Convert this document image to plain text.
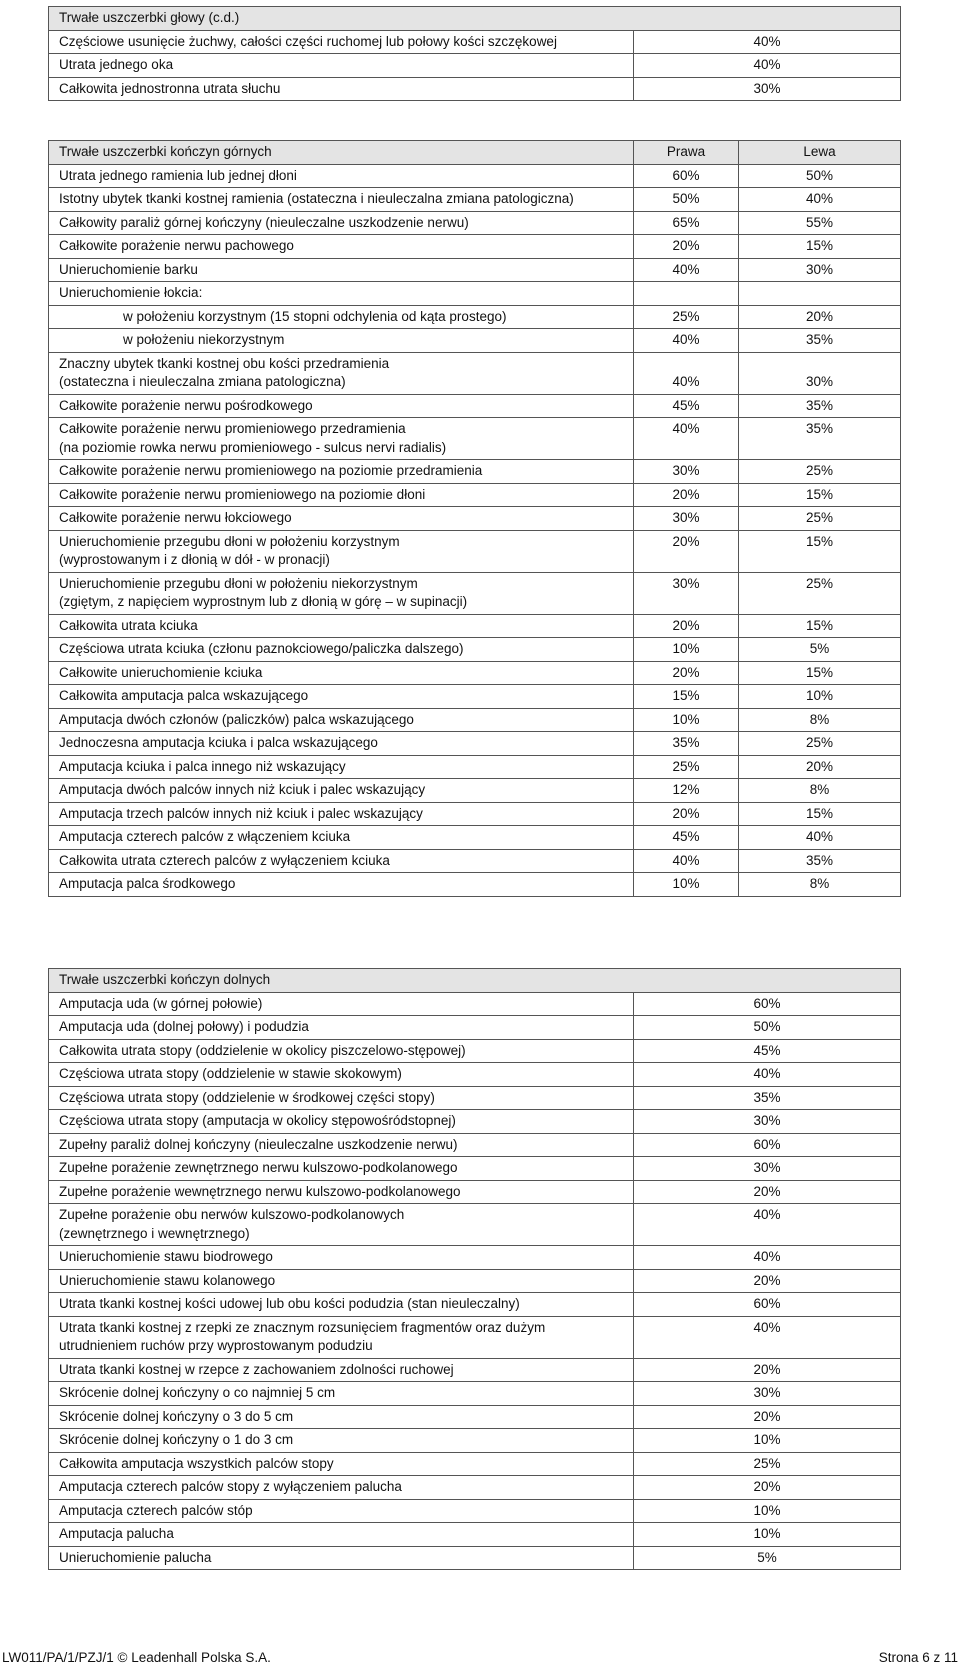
Trwałe uszczerbki głowy (c.d.)	
Częściowe usunięcie żuchwy, całości części ruchomej lub połowy kości szczękowej	40%
Utrata jednego oka	40%
Całkowita jednostronna utrata słuchu	30%
Trwałe uszczerbki kończyn górnych	Prawa	Lewa
Utrata jednego ramienia lub jednej dłoni	60%	50%
Istotny ubytek tkanki kostnej ramienia (ostateczna i nieuleczalna zmiana patologiczna)	50%	40%
Całkowity paraliż górnej kończyny (nieuleczalne uszkodzenie nerwu)	65%	55%
Całkowite porażenie nerwu pachowego	20%	15%
Unieruchomienie barku	40%	30%
Unieruchomienie łokcia:		
w położeniu korzystnym (15 stopni odchylenia od kąta prostego)	25%	20%
w położeniu niekorzystnym	40%	35%
Znaczny ubytek tkanki kostnej obu kości przedramienia
(ostateczna i nieuleczalna zmiana patologiczna)	40%	30%
Całkowite porażenie nerwu pośrodkowego	45%	35%
Całkowite porażenie nerwu promieniowego przedramienia
(na poziomie rowka nerwu promieniowego - sulcus nervi radialis)	40%	35%
Całkowite porażenie nerwu promieniowego na poziomie przedramienia	30%	25%
Całkowite porażenie nerwu promieniowego na poziomie dłoni	20%	15%
Całkowite porażenie nerwu łokciowego	30%	25%
Unieruchomienie przegubu dłoni w położeniu korzystnym
(wyprostowanym i z dłonią w dół - w pronacji)	20%	15%
Unieruchomienie przegubu dłoni w położeniu niekorzystnym
(zgiętym, z napięciem wyprostnym lub z dłonią w górę – w supinacji)	30%	25%
Całkowita utrata kciuka	20%	15%
Częściowa utrata kciuka (członu paznokciowego/paliczka dalszego)	10%	5%
Całkowite unieruchomienie kciuka	20%	15%
Całkowita amputacja palca wskazującego	15%	10%
Amputacja dwóch członów (paliczków) palca wskazującego	10%	8%
Jednoczesna amputacja kciuka i palca wskazującego	35%	25%
Amputacja kciuka i palca innego niż wskazujący	25%	20%
Amputacja dwóch palców innych niż kciuk i palec wskazujący	12%	8%
Amputacja trzech palców innych niż kciuk i palec wskazujący	20%	15%
Amputacja czterech palców z włączeniem kciuka	45%	40%
Całkowita utrata czterech palców z wyłączeniem kciuka	40%	35%
Amputacja palca środkowego	10%	8%
Trwałe uszczerbki kończyn dolnych	
Amputacja uda (w górnej połowie)	60%
Amputacja uda (dolnej połowy) i podudzia	50%
Całkowita utrata stopy (oddzielenie w okolicy piszczelowo-stępowej)	45%
Częściowa utrata stopy (oddzielenie w stawie skokowym)	40%
Częściowa utrata stopy (oddzielenie w środkowej części stopy)	35%
Częściowa utrata stopy (amputacja w okolicy stępowośródstopnej)	30%
Zupełny paraliż dolnej kończyny (nieuleczalne uszkodzenie nerwu)	60%
Zupełne porażenie zewnętrznego nerwu kulszowo-podkolanowego	30%
Zupełne porażenie wewnętrznego nerwu kulszowo-podkolanowego	20%
Zupełne porażenie obu nerwów kulszowo-podkolanowych
(zewnętrznego i wewnętrznego)	40%
Unieruchomienie stawu biodrowego	40%
Unieruchomienie stawu kolanowego	20%
Utrata tkanki kostnej kości udowej lub obu kości podudzia (stan nieuleczalny)	60%
Utrata tkanki kostnej z rzepki ze znacznym rozsunięciem fragmentów oraz dużym
utrudnieniem ruchów przy wyprostowanym podudziu	40%
Utrata tkanki kostnej w rzepce z zachowaniem zdolności ruchowej	20%
Skrócenie dolnej kończyny o co najmniej 5 cm	30%
Skrócenie dolnej kończyny o 3 do 5 cm	20%
Skrócenie dolnej kończyny o 1 do 3 cm	10%
Całkowita amputacja wszystkich palców stopy	25%
Amputacja czterech palców stopy z wyłączeniem palucha	20%
Amputacja czterech palców stóp	10%
Amputacja palucha	10%
Unieruchomienie palucha	5%
LW011/PA/1/PZJ/1 © Leadenhall Polska S.A.	Strona 6 z 11
